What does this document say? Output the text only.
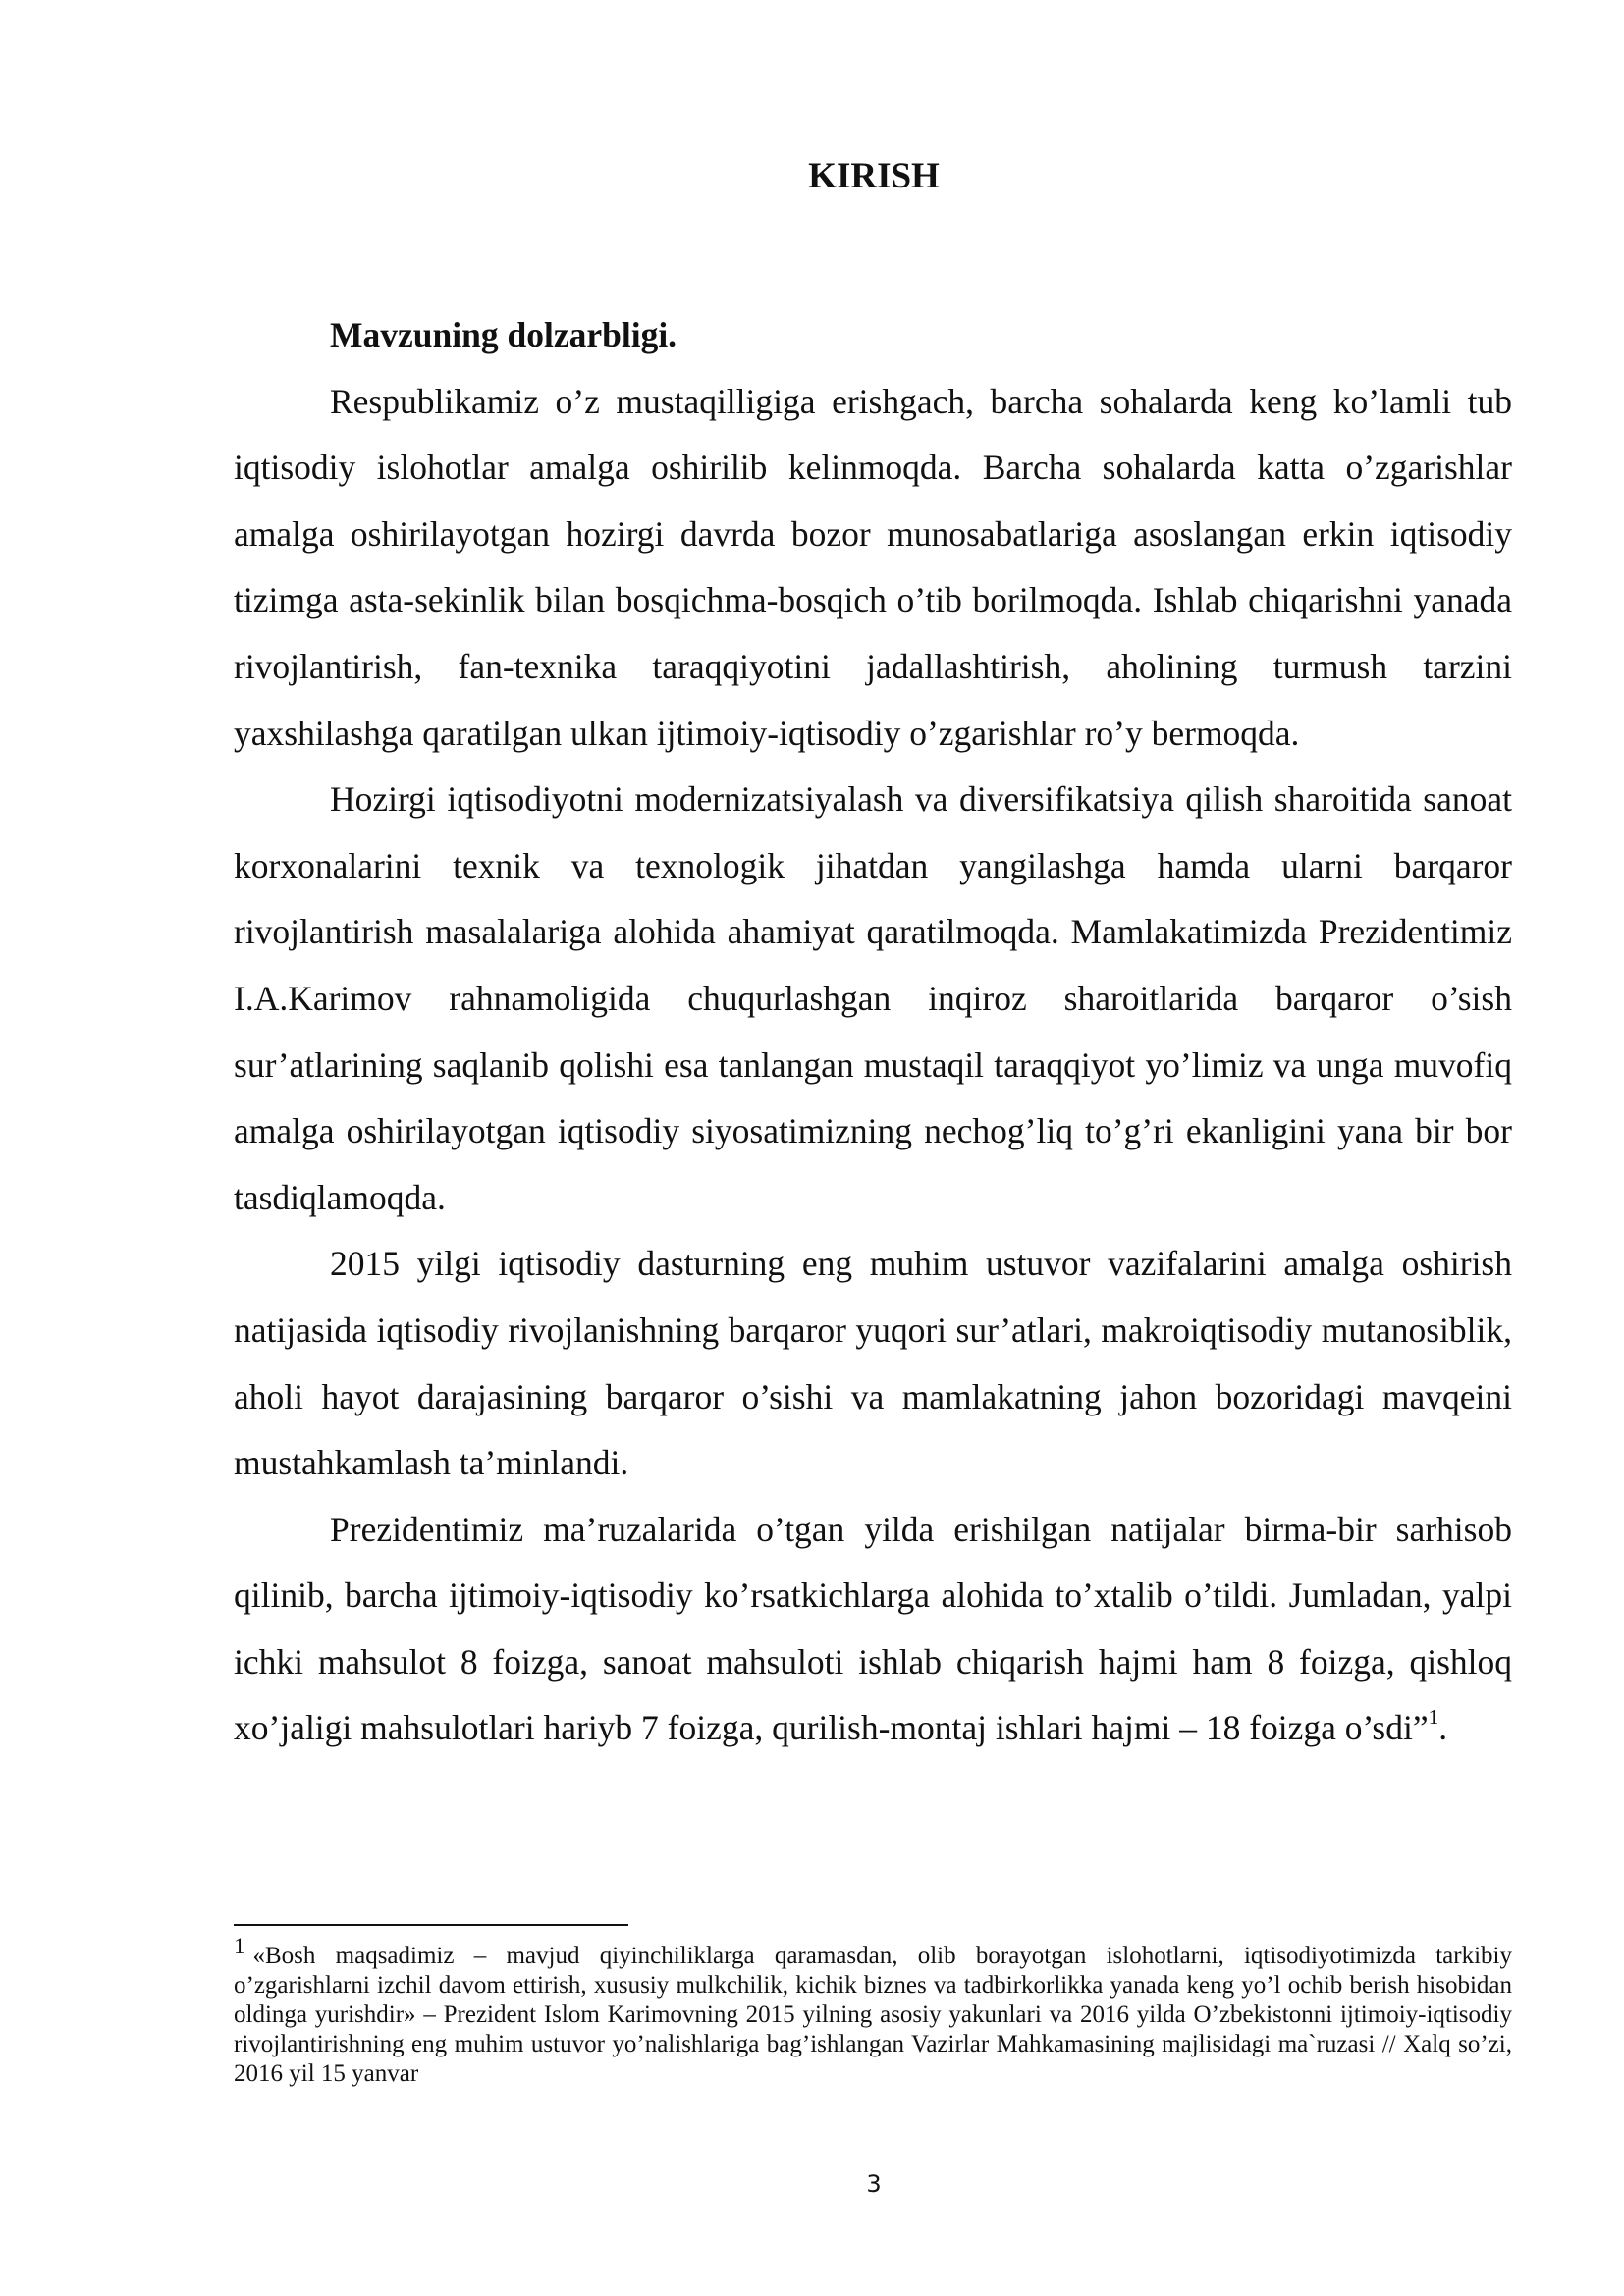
KIRISH

Mavzuning dolzarbligi.

Respublikamiz o’z mustaqilligiga erishgach, barcha sohalarda keng ko’lamli tub iqtisodiy islohotlar amalga oshirilib kelinmoqda. Barcha sohalarda katta o’zgarishlar amalga oshirilayotgan hozirgi davrda bozor munosabatlariga asoslangan erkin iqtisodiy tizimga asta-sekinlik bilan bosqichma-bosqich o’tib borilmoqda. Ishlab chiqarishni yanada rivojlantirish, fan-texnika taraqqiyotini jadallashtirish, aholining turmush tarzini yaxshilashga qaratilgan ulkan ijtimoiy-iqtisodiy o’zgarishlar ro’y bermoqda.

Hozirgi iqtisodiyotni modernizatsiyalash va diversifikatsiya qilish sharoitida sanoat korxonalarini texnik va texnologik jihatdan yangilashga hamda ularni barqaror rivojlantirish masalalariga alohida ahamiyat qaratilmoqda. Mamlakatimizda Prezidentimiz I.A.Karimov rahnamoligida chuqurlashgan inqiroz sharoitlarida barqaror o’sish sur’atlarining saqlanib qolishi esa tanlangan mustaqil taraqqiyot yo’limiz va unga muvofiq amalga oshirilayotgan iqtisodiy siyosatimizning nechog’liq to’g’ri ekanligini yana bir bor tasdiqlamoqda.

2015 yilgi iqtisodiy dasturning eng muhim ustuvor vazifalarini amalga oshirish natijasida iqtisodiy rivojlanishning barqaror yuqori sur’atlari, makroiqtisodiy mutanosiblik, aholi hayot darajasining barqaror o’sishi va mamlakatning jahon bozoridagi mavqeini mustahkamlash ta’minlandi.

Prezidentimiz ma’ruzalarida o’tgan yilda erishilgan natijalar birma-bir sarhisob qilinib, barcha ijtimoiy-iqtisodiy ko’rsatkichlarga alohida to’xtalib o’tildi. Jumladan, yalpi ichki mahsulot 8 foizga, sanoat mahsuloti ishlab chiqarish hajmi ham 8 foizga, qishloq xo’jaligi mahsulotlari hariyb 7 foizga, qurilish-montaj ishlari hajmi – 18 foizga o’sdi”$^1$.

1 «Bosh maqsadimiz – mavjud qiyinchiliklarga qaramasdan, olib borayotgan islohotlarni, iqtisodiyotimizda tarkibiy o’zgarishlarni izchil davom ettirish, xususiy mulkchilik, kichik biznes va tadbirkorlikka yanada keng yo’l ochib berish hisobidan oldinga yurishdir» – Prezident Islom Karimovning 2015 yilning asosiy yakunlari va 2016 yilda O’zbekistonni ijtimoiy-iqtisodiy rivojlantirishning eng muhim ustuvor yo’nalishlariga bag’ishlangan Vazirlar Mahkamasining majlisidagi ma`ruzasi // Xalq so’zi, 2016 yil 15 yanvar
3
